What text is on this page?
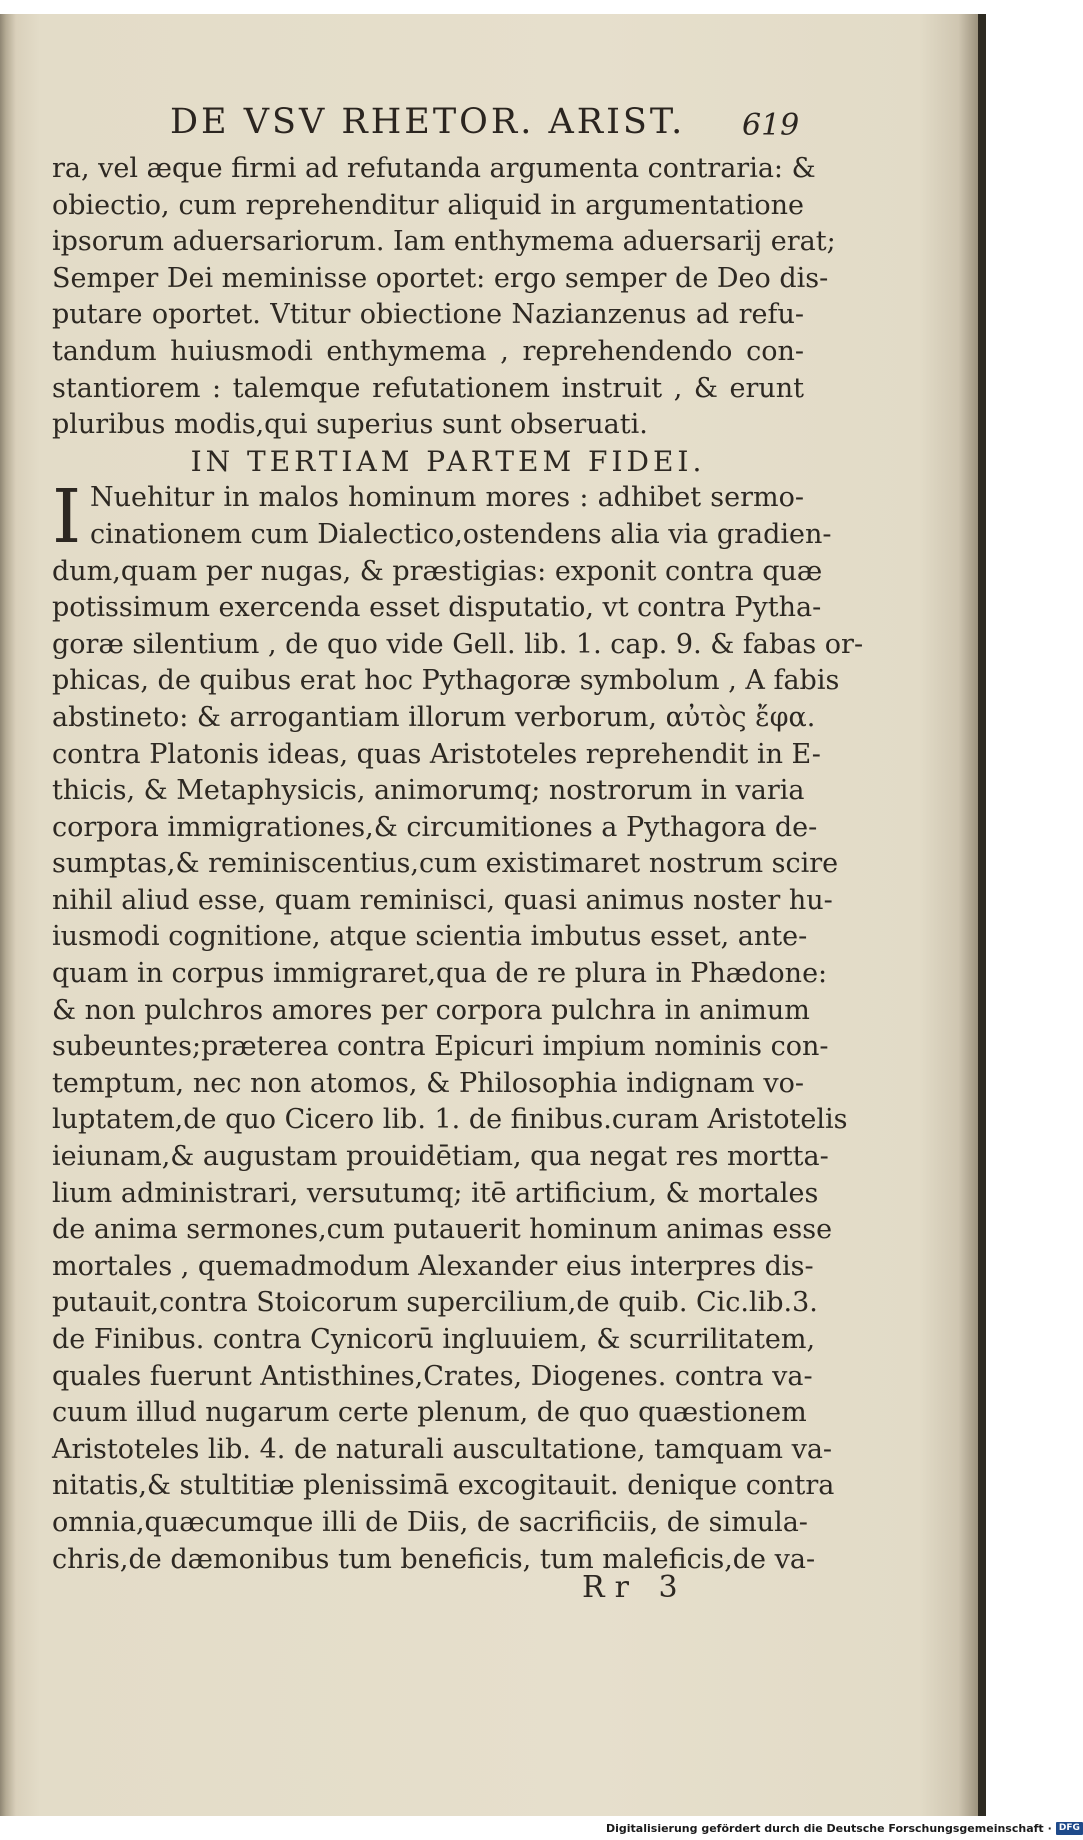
DE VSV RHETOR. ARIST.	619
ra, vel æque firmi ad refutanda argumenta contraria: &
obiectio, cum reprehenditur aliquid in argumentatione
ipsorum aduersariorum. Iam enthymema aduersarij erat;
Semper Dei meminisse oportet: ergo semper de Deo dis-
putare oportet. Vtitur obiectione Nazianzenus ad refu-
tandum huiusmodi enthymema , reprehendendo con-
stantiorem : talemque refutationem instruit , & erunt
pluribus modis,qui superius sunt obseruati.
IN TERTIAM PARTEM FIDEI.
I Nuehitur in malos hominum mores : adhibet sermo-
cinationem cum Dialectico,ostendens alia via gradien-
dum,quam per nugas, & præstigias: exponit contra quæ
potissimum exercenda esset disputatio, vt contra Pytha-
goræ silentium , de quo vide Gell. lib. 1. cap. 9. & fabas or-
phicas, de quibus erat hoc Pythagoræ symbolum , A fabis
abstineto: & arrogantiam illorum verborum, αὐτὸς ἔφα.
contra Platonis ideas, quas Aristoteles reprehendit in E-
thicis, & Metaphysicis, animorumq; nostrorum in varia
corpora immigrationes,& circumitiones a Pythagora de-
sumptas,& reminiscentius,cum existimaret nostrum scire
nihil aliud esse, quam reminisci, quasi animus noster hu-
iusmodi cognitione, atque scientia imbutus esset, ante-
quam in corpus immigraret,qua de re plura in Phædone:
& non pulchros amores per corpora pulchra in animum
subeuntes;præterea contra Epicuri impium nominis con-
temptum, nec non atomos, & Philosophia indignam vo-
luptatem,de quo Cicero lib. 1. de finibus.curam Aristotelis
ieiunam,& augustam prouidētiam, qua negat res mortta-
lium administrari, versutumq; itē artificium, & mortales
de anima sermones,cum putauerit hominum animas esse
mortales , quemadmodum Alexander eius interpres dis-
putauit,contra Stoicorum supercilium,de quib. Cic.lib.3.
de Finibus. contra Cynicorū ingluuiem, & scurrilitatem,
quales fuerunt Antisthines,Crates, Diogenes. contra va-
cuum illud nugarum certe plenum, de quo quæstionem
Aristoteles lib. 4. de naturali auscultatione, tamquam va-
nitatis,& stultitiæ plenissimā excogitauit. denique contra
omnia,quæcumque illi de Diis, de sacrificiis, de simula-
chris,de dæmonibus tum beneficis, tum maleficis,de va-
Rr 3
Digitalisierung gefördert durch die Deutsche Forschungsgemeinschaft · DFG
